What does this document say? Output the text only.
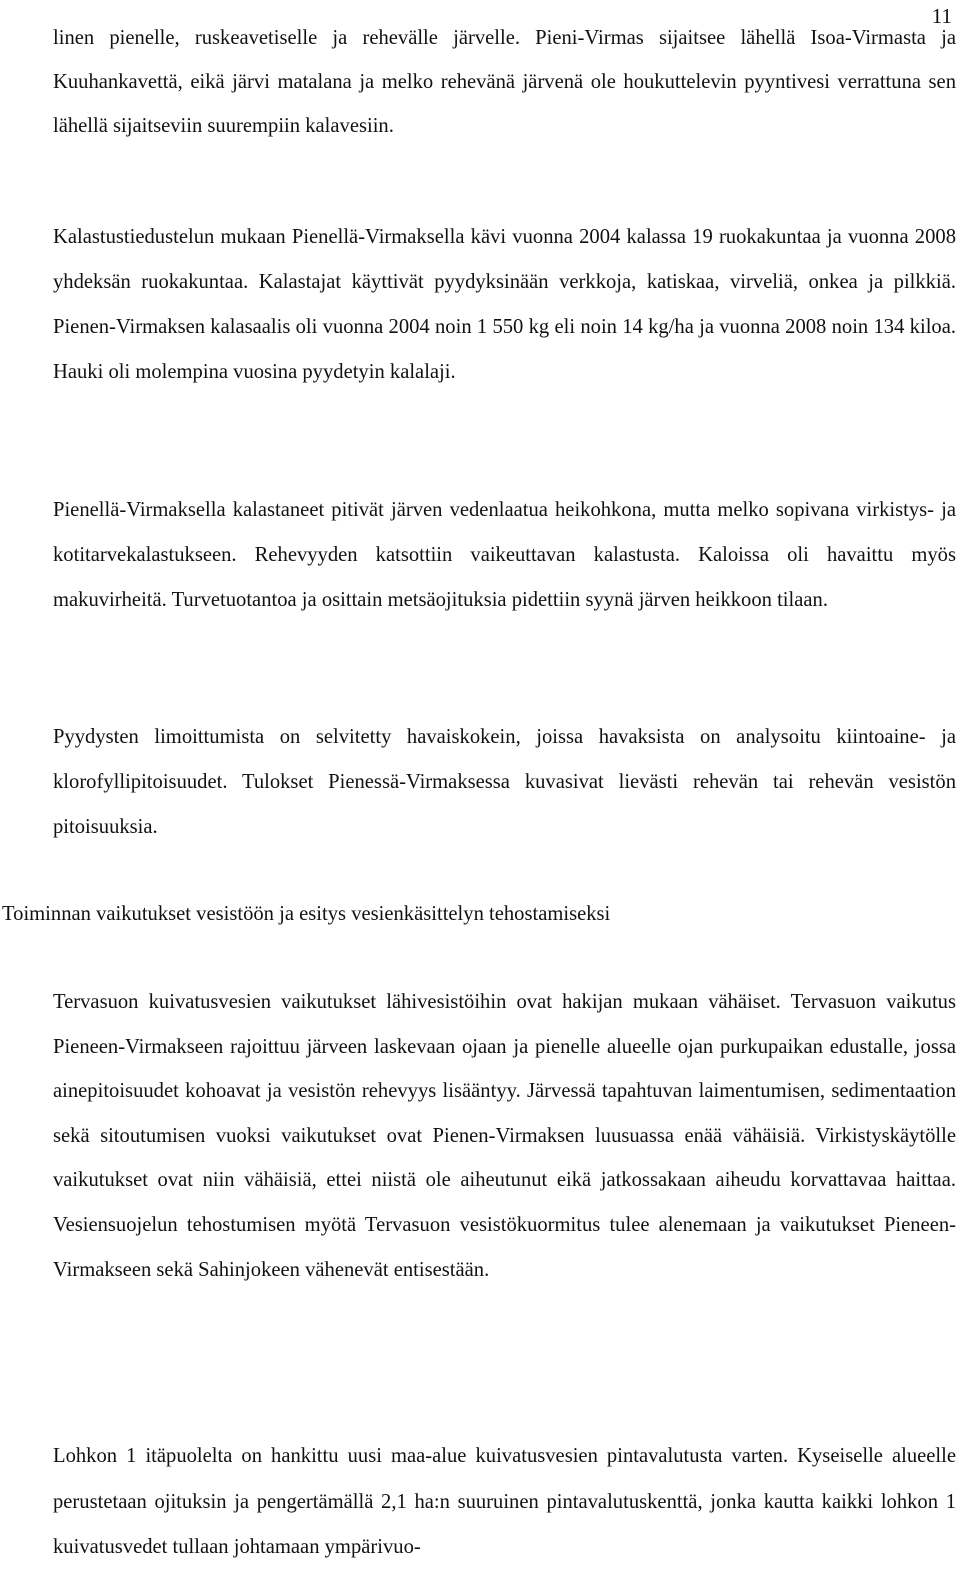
11

linen pienelle, ruskeavetiselle ja rehevälle järvelle. Pieni-Virmas sijaitsee lähellä Isoa-Virmasta ja Kuuhankavettä, eikä järvi matalana ja melko rehevänä järvenä ole houkuttelevin pyyntivesi verrattuna sen lähellä sijaitseviin suurempiin kalavesiin.

Kalastustiedustelun mukaan Pienellä-Virmaksella kävi vuonna 2004 kalassa 19 ruokakuntaa ja vuonna 2008 yhdeksän ruokakuntaa. Kalastajat käyttivät pyydyksinään verkkoja, katiskaa, virveliä, onkea ja pilkkiä. Pienen-Virmaksen kalasaalis oli vuonna 2004 noin 1 550 kg eli noin 14 kg/ha ja vuonna 2008 noin 134 kiloa. Hauki oli molempina vuosina pyydetyin kalalaji.

Pienellä-Virmaksella kalastaneet pitivät järven vedenlaatua heikohkona, mutta melko sopivana virkistys- ja kotitarvekalastukseen. Rehevyyden katsottiin vaikeuttavan kalastusta. Kaloissa oli havaittu myös makuvirheitä. Turvetuotantoa ja osittain metsäojituksia pidettiin syynä järven heikkoon tilaan.

Pyydysten limoittumista on selvitetty havaiskokein, joissa havaksista on analysoitu kiintoaine- ja klorofyllipitoisuudet. Tulokset Pienessä-Virmaksessa kuvasivat lievästi rehevän tai rehevän vesistön pitoisuuksia.

Tervasuon kuivatusvesien vaikutukset lähivesistöihin ovat hakijan mukaan vähäiset. Tervasuon vaikutus Pieneen-Virmakseen rajoittuu järveen laskevaan ojaan ja pienelle alueelle ojan purkupaikan edustalle, jossa ainepitoisuudet kohoavat ja vesistön rehevyys lisääntyy. Järvessä tapahtuvan laimentumisen, sedimentaation sekä sitoutumisen vuoksi vaikutukset ovat Pienen-Virmaksen luusuassa enää vähäisiä. Virkistyskäytölle vaikutukset ovat niin vähäisiä, ettei niistä ole aiheutunut eikä jatkossakaan aiheudu korvattavaa haittaa. Vesiensuojelun tehostumisen myötä Tervasuon vesistökuormitus tulee alenemaan ja vaikutukset Pieneen-Virmakseen sekä Sahinjokeen vähenevät entisestään.

Lohkon 1 itäpuolelta on hankittu uusi maa-alue kuivatusvesien pintavalutusta varten. Kyseiselle alueelle perustetaan ojituksin ja pengertämällä 2,1 ha:n suuruinen pintavalutuskenttä, jonka kautta kaikki lohkon 1 kuivatusvedet tullaan johtamaan ympärivuo-

Toiminnan vaikutukset vesistöön ja esitys vesienkäsittelyn tehostamiseksi
